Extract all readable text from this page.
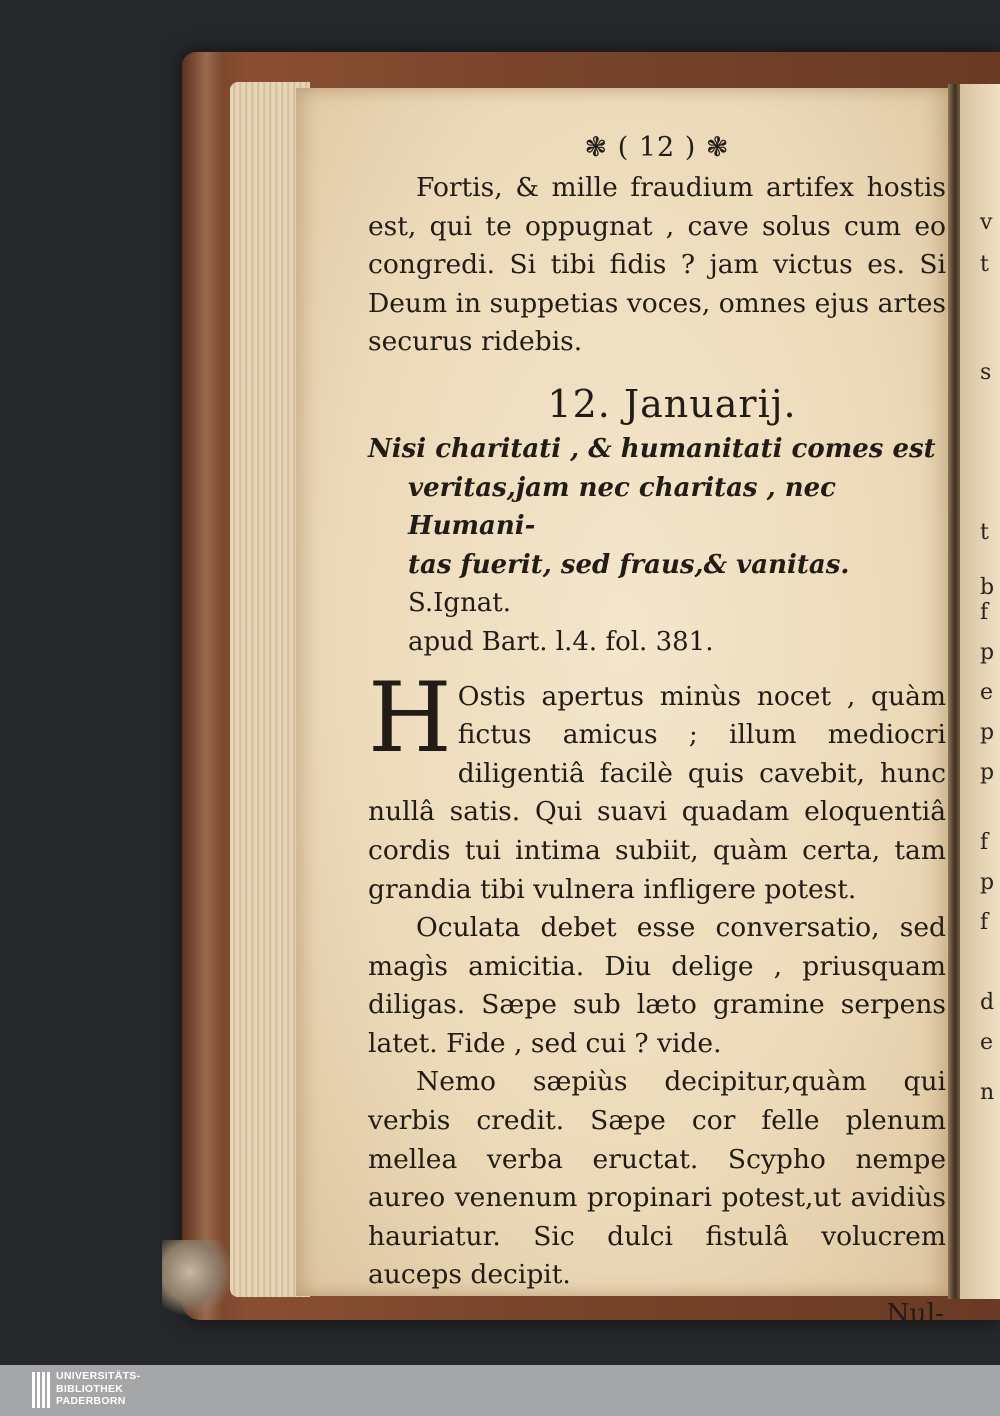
v
t
s
t
b
f
p
e
p
p
f
p
f
d
e
n

❃ ( 12 ) ❃

Fortis, & mille fraudium artifex hostis est, qui te oppugnat , cave solus cum eo congredi. Si tibi fidis ? jam victus es. Si Deum in suppetias voces, omnes ejus artes securus ridebis.

12. Januarij.

Nisi charitati , & humanitati comes est
veritas,jam nec charitas , nec Humani-
tas fuerit, sed fraus,& vanitas. S.Ignat.
apud Bart. l.4. fol. 381.

H Ostis apertus minùs nocet , quàm fictus amicus ; illum mediocri diligentiâ facilè quis cavebit, hunc nullâ satis. Qui suavi quadam eloquentiâ cordis tui intima subiit, quàm certa, tam grandia tibi vulnera infligere potest.

Oculata debet esse conversatio, sed magìs amicitia. Diu delige , priusquam diligas. Sæpe sub læto gramine serpens latet. Fide , sed cui ? vide.

Nemo sæpiùs decipitur,quàm qui verbis credit. Sæpe cor felle plenum mellea verba eructat. Scypho nempe aureo venenum propinari potest,ut avidiùs hauriatur. Sic dulci fistulâ volucrem auceps decipit.

Nul-

UNIVERSITÄTS-
BIBLIOTHEK
PADERBORN
